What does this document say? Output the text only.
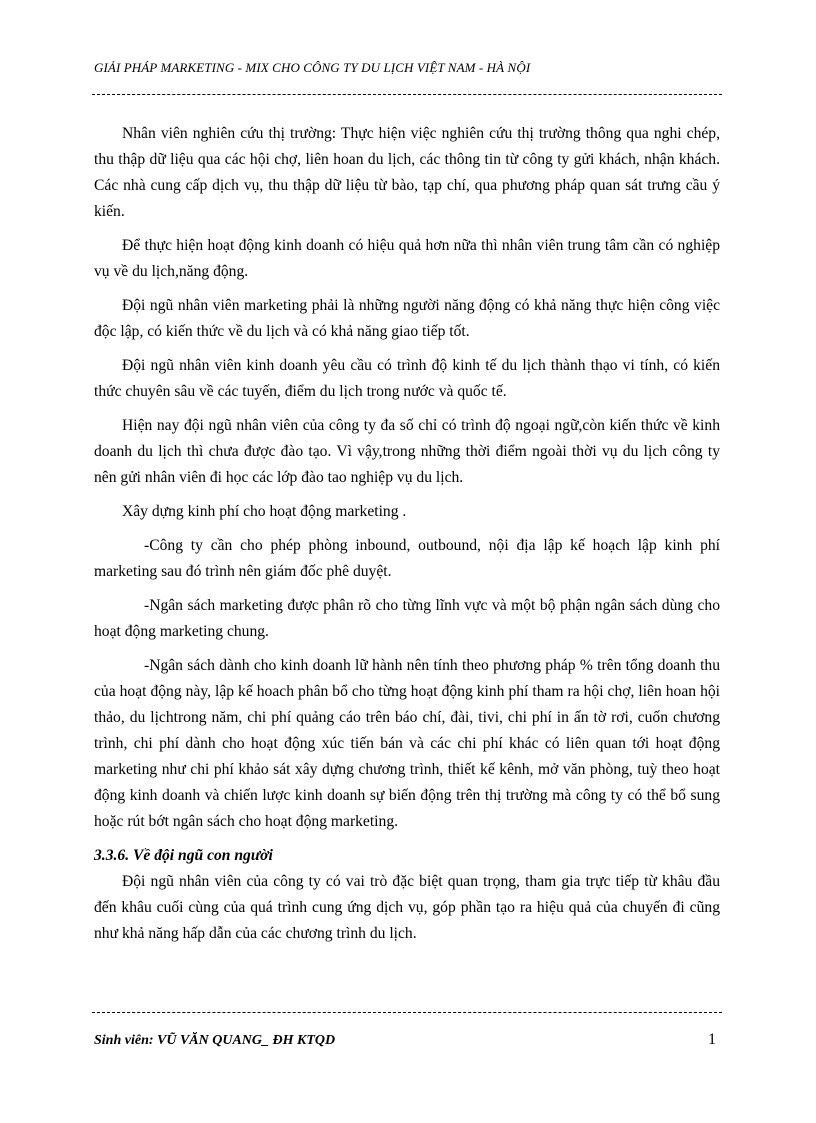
GIẢI PHÁP MARKETING - MIX CHO CÔNG TY DU LỊCH VIỆT NAM - HÀ NỘI

Nhân viên nghiên cứu thị trường: Thực hiện việc nghiên cứu thị trường thông qua nghi chép, thu thập dữ liệu qua các hội chợ, liên hoan du lịch, các thông tin từ công ty gửi khách, nhận khách. Các nhà cung cấp dịch vụ, thu thập dữ liệu từ bào, tạp chí, qua phương pháp quan sát trưng cầu ý kiến.

Để thực hiện hoạt động kinh doanh có hiệu quả hơn nữa thì nhân viên trung tâm cần có nghiệp vụ về du lịch,năng động.

Đội ngũ nhân viên marketing phải là những người năng động có khả năng thực hiện công việc độc lập, có kiến thức về du lịch và có khả năng giao tiếp tốt.

Đội ngũ nhân viên kinh doanh yêu cầu có trình độ kinh tế du lịch thành thạo vi tính, có kiến thức chuyên sâu về các tuyến, điểm du lịch trong nước và quốc tế.

Hiện nay đội ngũ nhân viên của công ty đa số chỉ có trình độ ngoại ngữ,còn kiến thức về kinh doanh du lịch thì chưa được đào tạo. Vì vậy,trong những thời điểm ngoài thời vụ du lịch công ty nên gửi nhân viên đi học các lớp đào tao nghiệp vụ du lịch.

Xây dựng kinh phí cho hoạt động marketing .

-Công ty cần cho phép phòng inbound, outbound, nội địa lập kế hoạch lập kinh phí marketing sau đó trình nên giám đốc phê duyệt.

-Ngân sách marketing được phân rõ cho từng lĩnh vực và một bộ phận ngân sách dùng cho hoạt động marketing chung.

-Ngân sách dành cho kinh doanh lữ hành nên tính theo phương pháp % trên tổng doanh thu của hoạt động này, lập kế hoach phân bổ cho từng hoạt động kinh phí tham ra hội chợ, liên hoan hội thảo, du lịchtrong năm, chi phí quảng cáo trên báo chí, đài, tivi, chi phí in ấn tờ rơi, cuốn chương trình, chi phí dành cho hoạt động xúc tiến bán và các chi phí khác có liên quan tới hoạt động marketing như chi phí khảo sát xây dựng chương trình, thiết kế kênh, mở văn phòng, tuỳ theo hoạt động kinh doanh và chiến lược kinh doanh sự biến động trên thị trường mà công ty có thể bổ sung hoặc rút bớt ngân sách cho hoạt động marketing.

3.3.6. Về đội ngũ con người

Đội ngũ nhân viên của công ty có vai trò đặc biệt quan trọng, tham gia trực tiếp từ khâu đầu đến khâu cuối cùng của quá trình cung ứng dịch vụ, góp phần tạo ra hiệu quả của chuyến đi cũng như khả năng hấp dẫn của các chương trình du lịch.

Sinh viên: VŨ VĂN QUANG_ ĐH KTQD	1
